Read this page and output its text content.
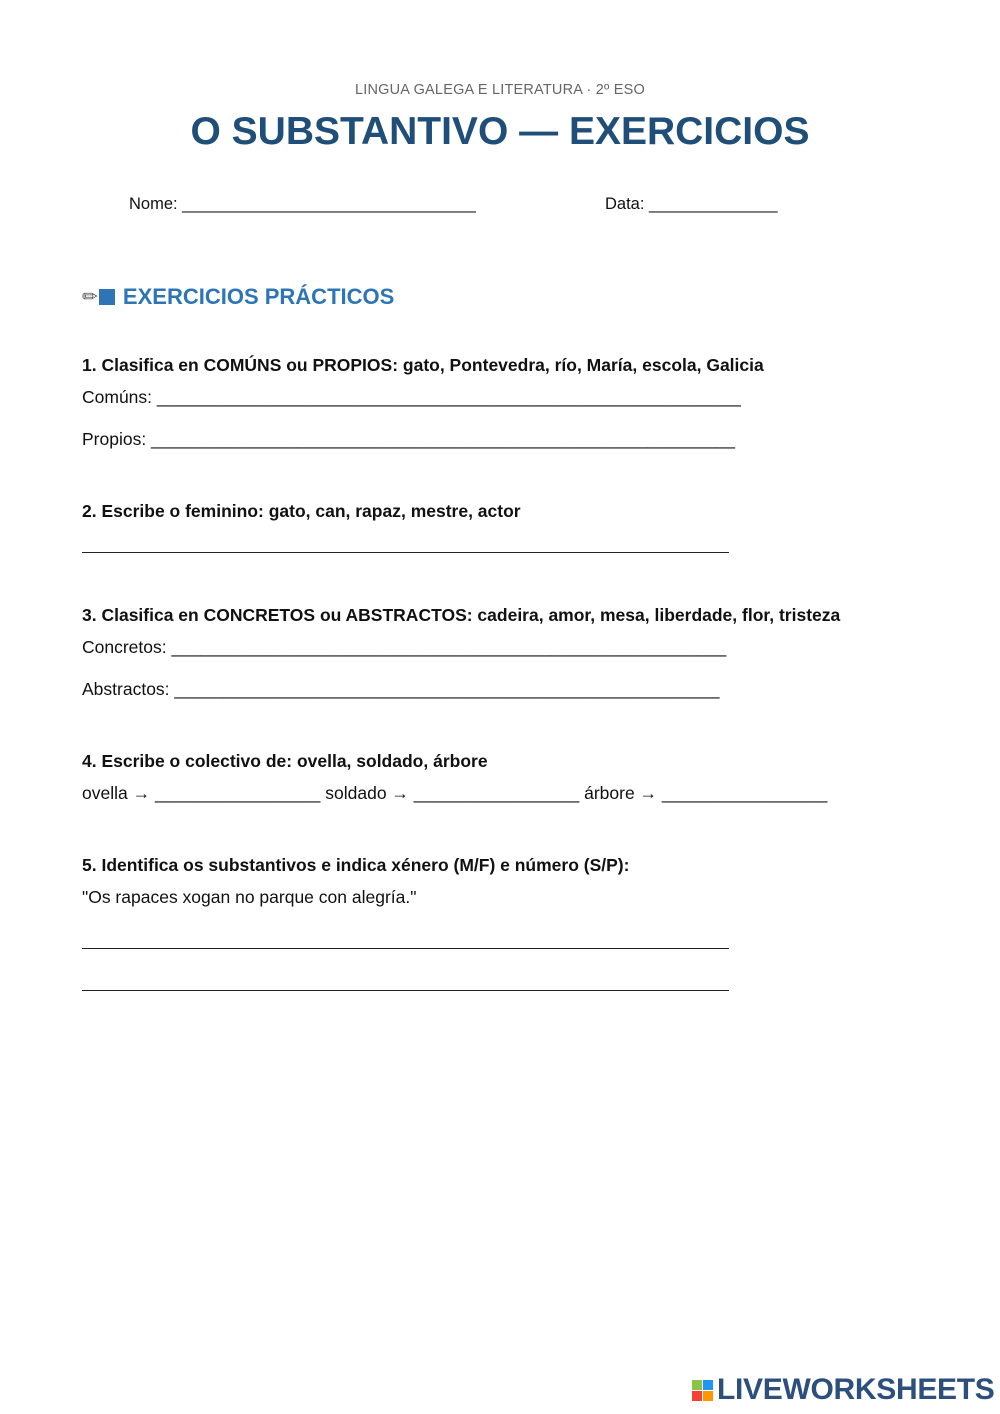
LINGUA GALEGA E LITERATURA · 2º ESO
O SUBSTANTIVO — EXERCICIOS
Nome: ________________________________	Data: ______________
✏ EXERCICIOS PRÁCTICOS
1. Clasifica en COMÚNS ou PROPIOS: gato, Pontevedra, río, María, escola, Galicia
Comúns: ____________________________________________________________
Propios: ____________________________________________________________
2. Escribe o feminino: gato, can, rapaz, mestre, actor
3. Clasifica en CONCRETOS ou ABSTRACTOS: cadeira, amor, mesa, liberdade, flor, tristeza
Concretos: _________________________________________________________
Abstractos: ________________________________________________________
4. Escribe o colectivo de: ovella, soldado, árbore
ovella → _________________ soldado → _________________ árbore → _________________
5. Identifica os substantivos e indica xénero (M/F) e número (S/P):
"Os rapaces xogan no parque con alegría."
LIVEWORKSHEETS
